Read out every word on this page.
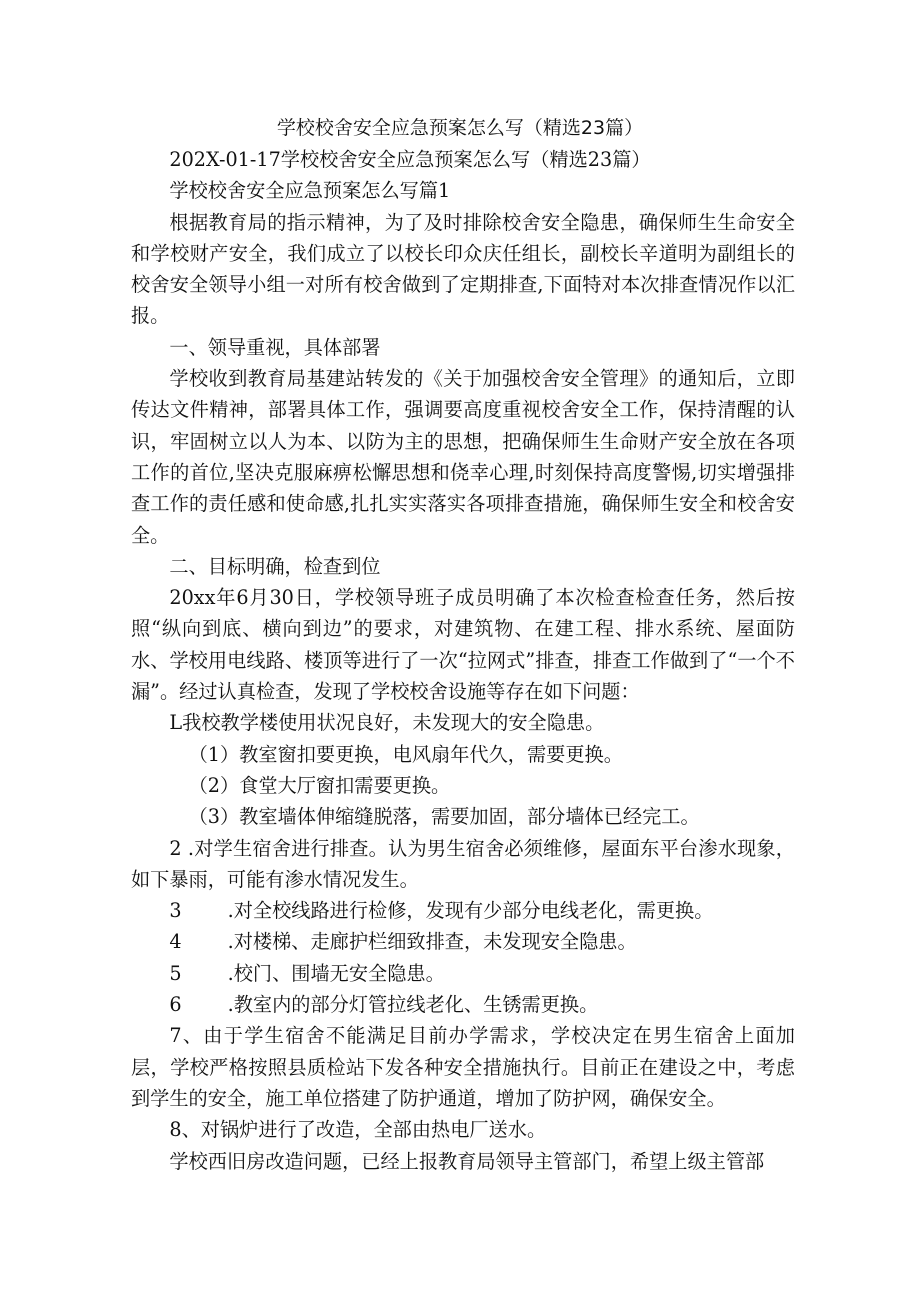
学校校舍安全应急预案怎么写（精选23篇）

202X-01-17学校校舍安全应急预案怎么写（精选23篇）

学校校舍安全应急预案怎么写篇1

根据教育局的指示精神，为了及时排除校舍安全隐患，确保师生生命安全和学校财产安全，我们成立了以校长印众庆任组长，副校长辛道明为副组长的校舍安全领导小组一对所有校舍做到了定期排查,下面特对本次排查情况作以汇报。

一、领导重视，具体部署

学校收到教育局基建站转发的《关于加强校舍安全管理》的通知后，立即传达文件精神，部署具体工作，强调要高度重视校舍安全工作，保持清醒的认识，牢固树立以人为本、以防为主的思想，把确保师生生命财产安全放在各项工作的首位,坚决克服麻痹松懈思想和侥幸心理,时刻保持高度警惕,切实增强排查工作的责任感和使命感,扎扎实实落实各项排查措施，确保师生安全和校舍安全。

二、目标明确，检查到位

20xx年6月30日，学校领导班子成员明确了本次检查检查任务，然后按照“纵向到底、横向到边”的要求，对建筑物、在建工程、排水系统、屋面防水、学校用电线路、楼顶等进行了一次“拉网式”排查，排查工作做到了“一个不漏”。经过认真检查，发现了学校校舍设施等存在如下问题：

L我校教学楼使用状况良好，未发现大的安全隐患。

（1）教室窗扣要更换，电风扇年代久，需要更换。

（2）食堂大厅窗扣需要更换。

（3）教室墙体伸缩缝脱落，需要加固，部分墙体已经完工。

2 .对学生宿舍进行排查。认为男生宿舍必须维修，屋面东平台渗水现象，如下暴雨，可能有渗水情况发生。

3 .对全校线路进行检修，发现有少部分电线老化，需更换。

4 .对楼梯、走廊护栏细致排查，未发现安全隐患。

5 .校门、围墙无安全隐患。

6 .教室内的部分灯管拉线老化、生锈需更换。

7、由于学生宿舍不能满足目前办学需求，学校决定在男生宿舍上面加层，学校严格按照县质检站下发各种安全措施执行。目前正在建设之中，考虑到学生的安全，施工单位搭建了防护通道，增加了防护网，确保安全。

8、对锅炉进行了改造，全部由热电厂送水。

学校西旧房改造问题，已经上报教育局领导主管部门，希望上级主管部
